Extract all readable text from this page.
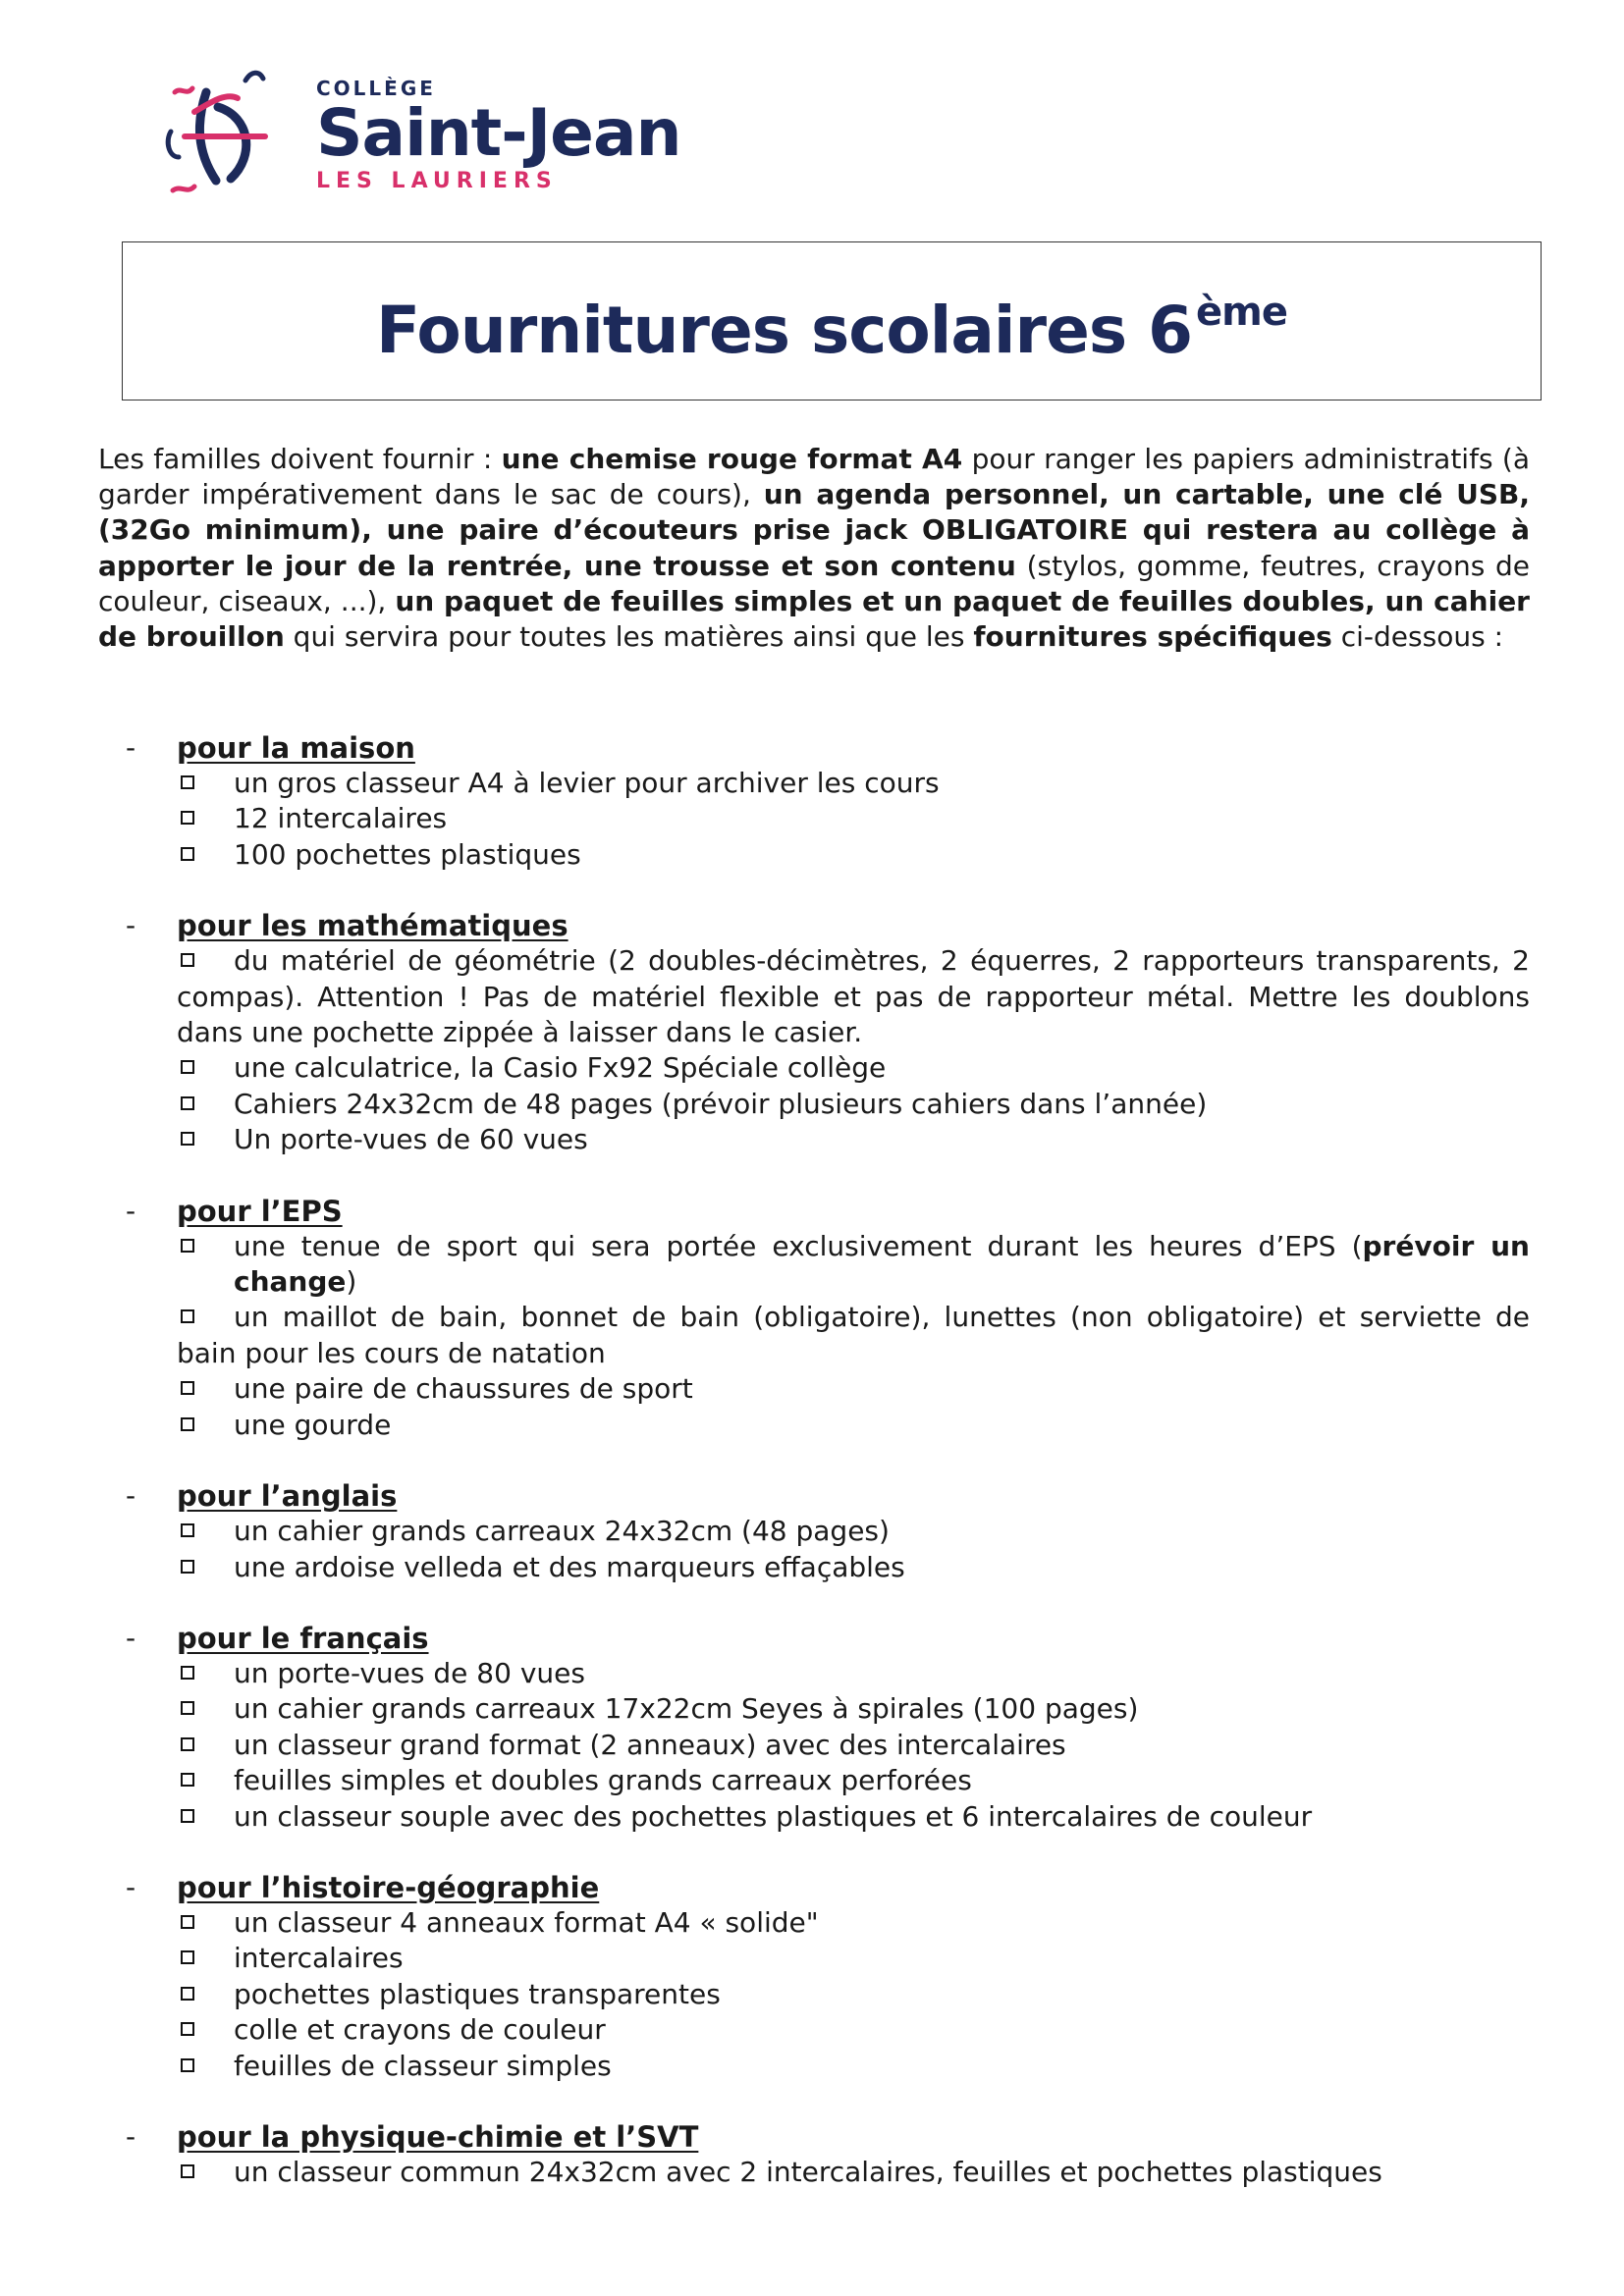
COLLÈGE
Saint-Jean
LES LAURIERS
Fournitures scolaires 6 $^{ème}$
Les familles doivent fournir : une chemise rouge format A4 pour ranger les papiers administratifs (à garder impérativement dans le sac de cours), un agenda personnel, un cartable, une clé USB, (32Go minimum), une paire d’écouteurs prise jack OBLIGATOIRE qui restera au collège à apporter le jour de la rentrée, une trousse et son contenu (stylos, gomme, feutres, crayons de couleur, ciseaux, ...), un paquet de feuilles simples et un paquet de feuilles doubles, un cahier de brouillon qui servira pour toutes les matières ainsi que les fournitures spécifiques ci-dessous :
- pour la maison
un gros classeur A4 à levier pour archiver les cours
12 intercalaires
100 pochettes plastiques
- pour les mathématiques
du matériel de géométrie (2 doubles-décimètres, 2 équerres, 2 rapporteurs transparents, 2 compas). Attention ! Pas de matériel flexible et pas de rapporteur métal. Mettre les doublons dans une pochette zippée à laisser dans le casier.
une calculatrice, la Casio Fx92 Spéciale collège
Cahiers 24x32cm de 48 pages (prévoir plusieurs cahiers dans l’année)
Un porte-vues de 60 vues
- pour l’EPS
une tenue de sport qui sera portée exclusivement durant les heures d’EPS (prévoir un change)
un maillot de bain, bonnet de bain (obligatoire), lunettes (non obligatoire) et serviette de bain pour les cours de natation
une paire de chaussures de sport
une gourde
- pour l’anglais
un cahier grands carreaux 24x32cm (48 pages)
une ardoise velleda et des marqueurs effaçables
- pour le français
un porte-vues de 80 vues
un cahier grands carreaux 17x22cm Seyes à spirales (100 pages)
un classeur grand format (2 anneaux) avec des intercalaires
feuilles simples et doubles grands carreaux perforées
un classeur souple avec des pochettes plastiques et 6 intercalaires de couleur
- pour l’histoire-géographie
un classeur 4 anneaux format A4 « solide"
intercalaires
pochettes plastiques transparentes
colle et crayons de couleur
feuilles de classeur simples
- pour la physique-chimie et l’SVT
un classeur commun 24x32cm avec 2 intercalaires, feuilles et pochettes plastiques
